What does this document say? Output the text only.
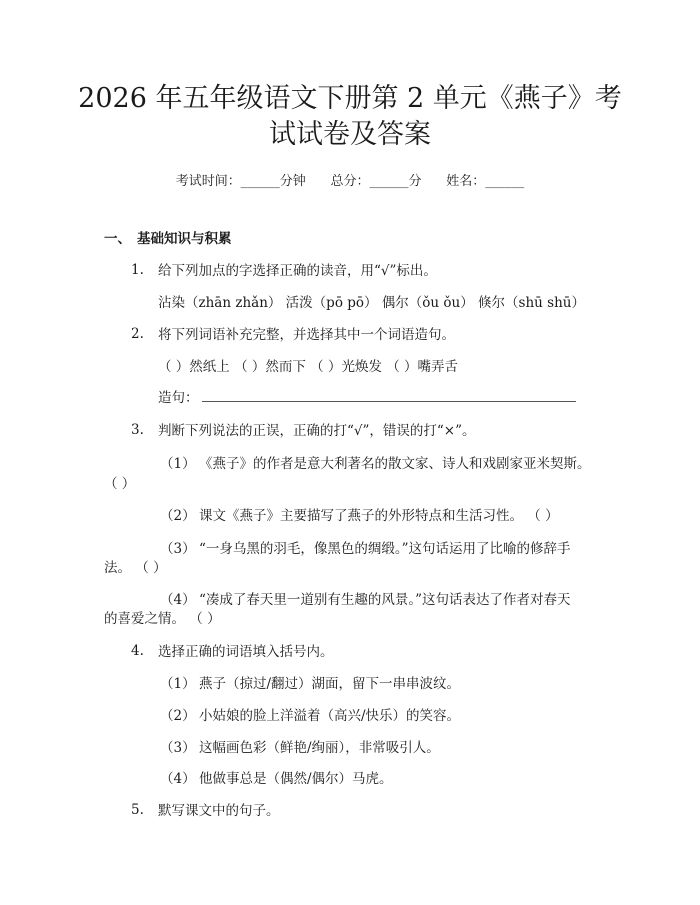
2026 年五年级语文下册第 2 单元《燕子》考
试试卷及答案
考试时间：______分钟      总分：______分      姓名：______
一、 基础知识与积累
1. 给下列加点的字选择正确的读音，用“√”标出。
沾染（zhān zhǎn） 活泼（pō pō） 偶尔（ǒu ǒu） 倏尔（shū shū）
2. 将下列词语补充完整，并选择其中一个词语造句。
（ ）然纸上 （ ）然而下 （ ）光焕发 （ ）嘴弄舌
造句：
3. 判断下列说法的正误，正确的打“√”，错误的打“×”。
（1） 《燕子》的作者是意大利著名的散文家、诗人和戏剧家亚米契斯。
（ ）
（2） 课文《燕子》主要描写了燕子的外形特点和生活习性。 （ ）
（3） “一身乌黑的羽毛，像黑色的绸缎。”这句话运用了比喻的修辞手
法。 （ ）
（4） “凑成了春天里一道别有生趣的风景。”这句话表达了作者对春天
的喜爱之情。 （ ）
4. 选择正确的词语填入括号内。
（1） 燕子（掠过/翻过）湖面，留下一串串波纹。
（2） 小姑娘的脸上洋溢着（高兴/快乐）的笑容。
（3） 这幅画色彩（鲜艳/绚丽），非常吸引人。
（4） 他做事总是（偶然/偶尔）马虎。
5. 默写课文中的句子。
